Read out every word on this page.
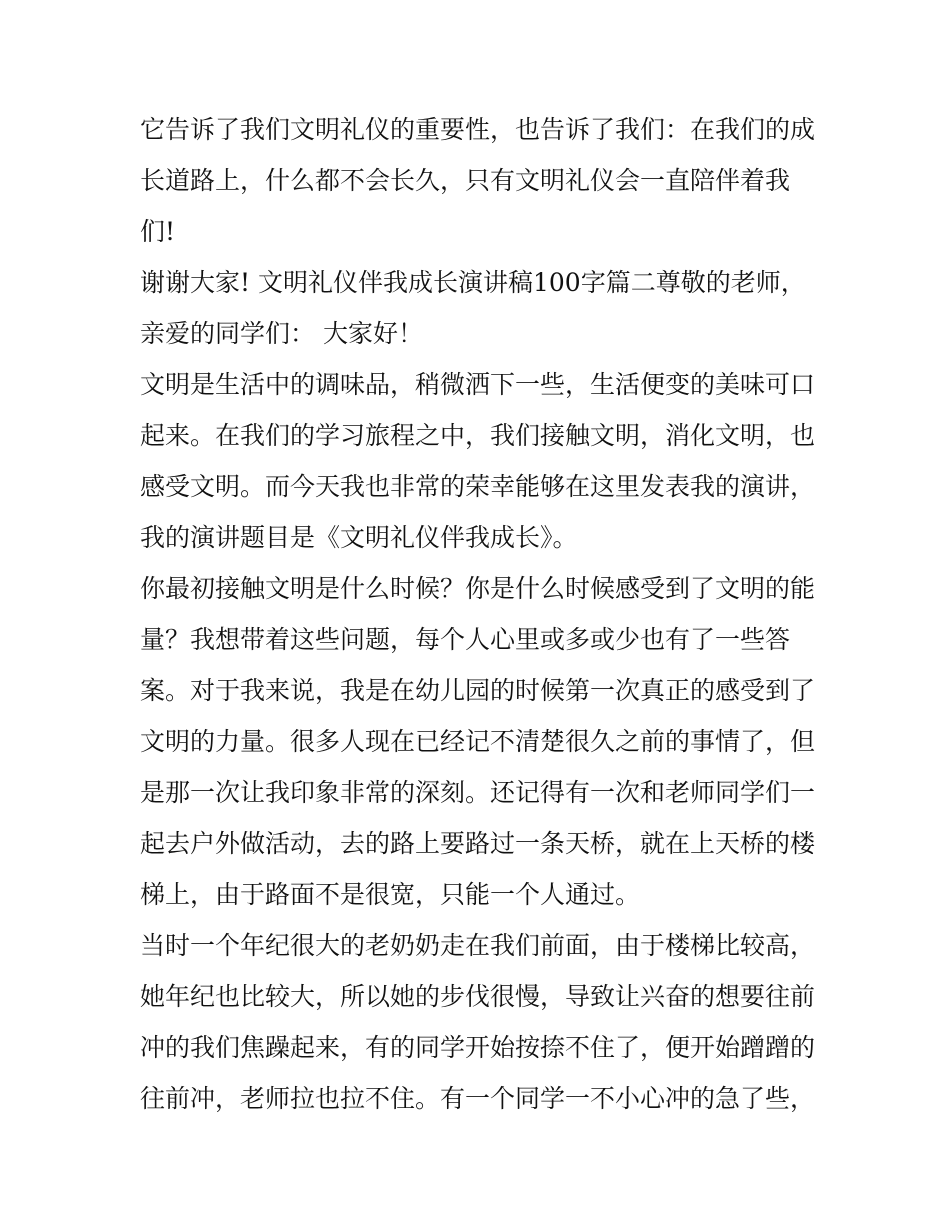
它告诉了我们文明礼仪的重要性，也告诉了我们：在我们的成
长道路上，什么都不会长久，只有文明礼仪会一直陪伴着我
们!
谢谢大家! 文明礼仪伴我成长演讲稿100字篇二尊敬的老师，
亲爱的同学们： 大家好！
文明是生活中的调味品，稍微洒下一些，生活便变的美味可口
起来。在我们的学习旅程之中，我们接触文明，消化文明，也
感受文明。而今天我也非常的荣幸能够在这里发表我的演讲，
我的演讲题目是《文明礼仪伴我成长》。
你最初接触文明是什么时候？你是什么时候感受到了文明的能
量？我想带着这些问题，每个人心里或多或少也有了一些答
案。对于我来说，我是在幼儿园的时候第一次真正的感受到了
文明的力量。很多人现在已经记不清楚很久之前的事情了，但
是那一次让我印象非常的深刻。还记得有一次和老师同学们一
起去户外做活动，去的路上要路过一条天桥，就在上天桥的楼
梯上，由于路面不是很宽，只能一个人通过。
当时一个年纪很大的老奶奶走在我们前面，由于楼梯比较高，
她年纪也比较大，所以她的步伐很慢，导致让兴奋的想要往前
冲的我们焦躁起来，有的同学开始按捺不住了，便开始蹭蹭的
往前冲，老师拉也拉不住。有一个同学一不小心冲的急了些，
